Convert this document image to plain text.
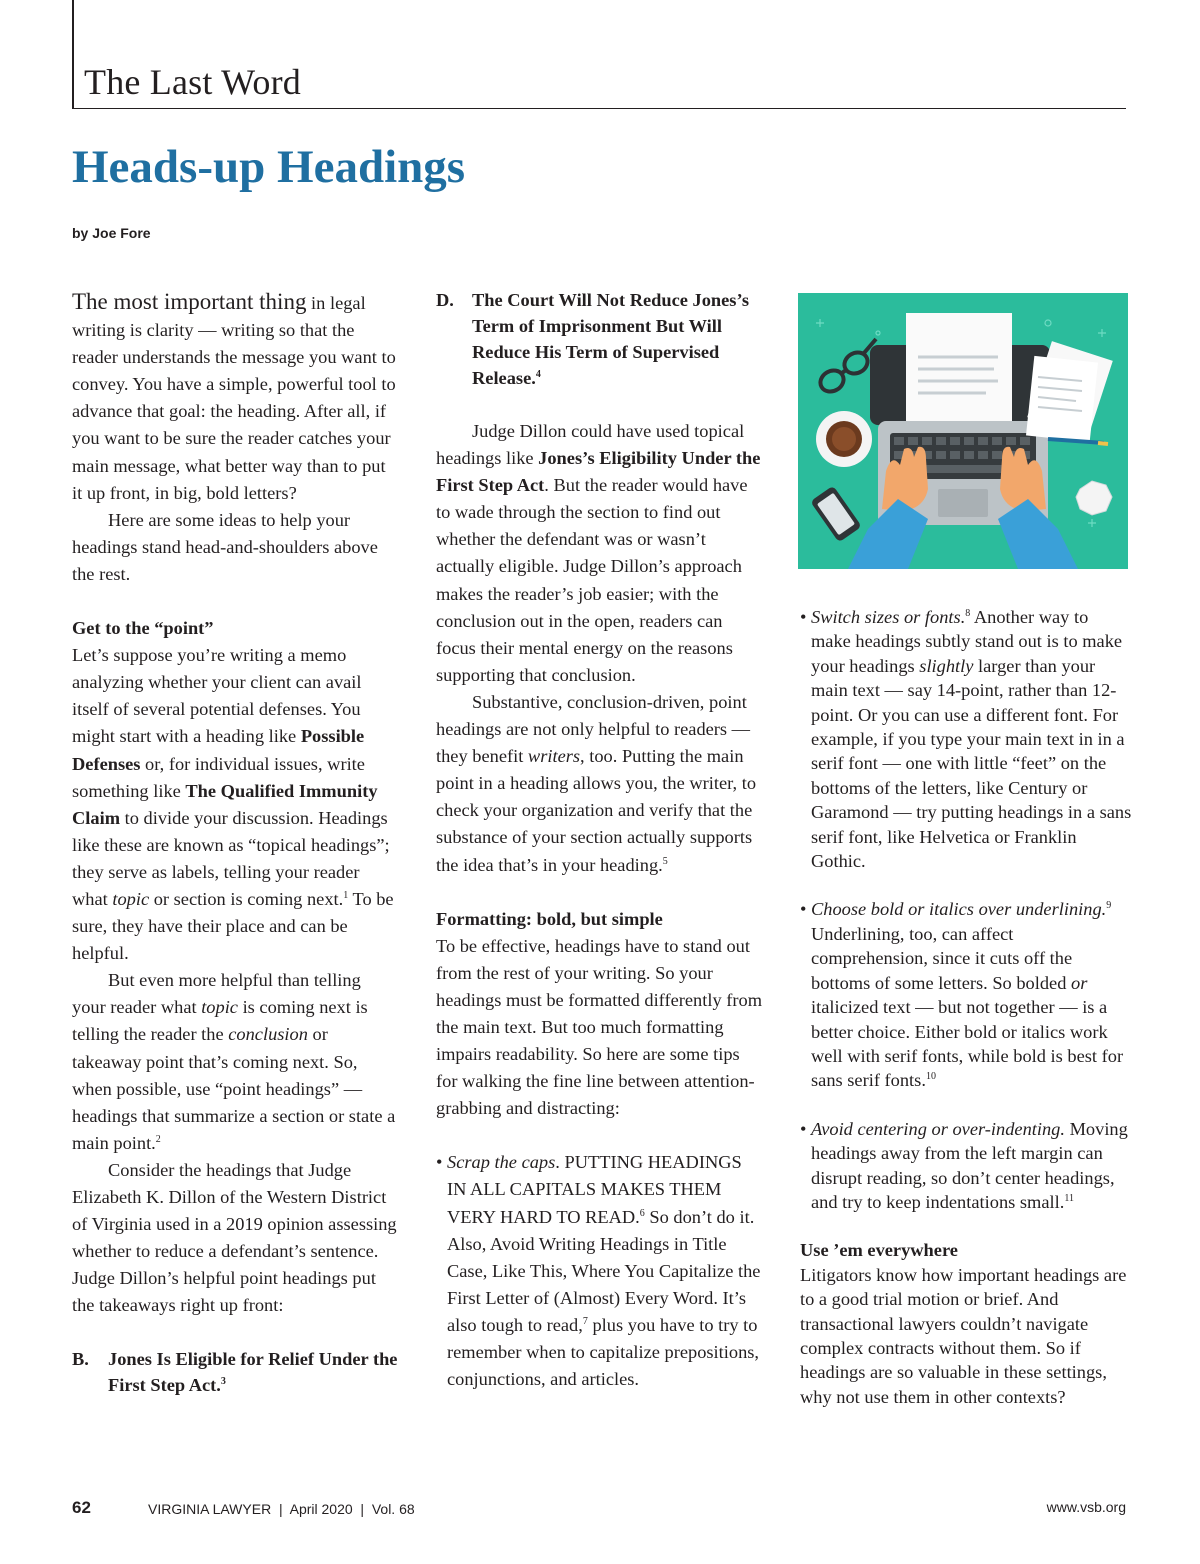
The Last Word
Heads-up Headings
by Joe Fore

The most important thing in legal writing is clarity — writing so that the reader understands the message you want to convey. You have a simple, powerful tool to advance that goal: the heading. After all, if you want to be sure the reader catches your main message, what better way than to put it up front, in big, bold letters?

Here are some ideas to help your headings stand head-and-shoulders above the rest.

Get to the “point”

Let’s suppose you’re writing a memo analyzing whether your client can avail itself of several potential defenses. You might start with a heading like Possible Defenses or, for individual issues, write something like The Qualified Immunity Claim to divide your discussion. Headings like these are known as “topical headings”; they serve as labels, telling your reader what topic or section is coming next.$^1$ To be sure, they have their place and can be helpful.

But even more helpful than telling your reader what topic is coming next is telling the reader the conclusion or takeaway point that’s coming next. So, when possible, use “point headings” — headings that summarize a section or state a main point.$^2$

Consider the headings that Judge Elizabeth K. Dillon of the Western District of Virginia used in a 2019 opinion assessing whether to reduce a defendant’s sentence. Judge Dillon’s helpful point headings put the takeaways right up front:

B.	Jones Is Eligible for Relief Under the First Step Act.$^3$
D. The Court Will Not Reduce Jones’s Term of Imprisonment But Will Reduce His Term of Supervised Release.$^4$

Judge Dillon could have used topical headings like Jones’s Eligibility Under the First Step Act. But the reader would have to wade through the section to find out whether the defendant was or wasn’t actually eligible. Judge Dillon’s approach makes the reader’s job easier; with the conclusion out in the open, readers can focus their mental energy on the reasons supporting that conclusion.

Substantive, conclusion-driven, point headings are not only helpful to readers — they benefit writers, too. Putting the main point in a heading allows you, the writer, to check your organization and verify that the substance of your section actually supports the idea that’s in your heading.$^5$

Formatting: bold, but simple

To be effective, headings have to stand out from the rest of your writing. So your headings must be formatted differently from the main text. But too much formatting impairs readability. So here are some tips for walking the fine line between attention-grabbing and distracting:

• Scrap the caps. PUTTING HEADINGS IN ALL CAPITALS MAKES THEM VERY HARD TO READ.$^6$ So don’t do it. Also, Avoid Writing Headings in Title Case, Like This, Where You Capitalize the First Letter of (Almost) Every Word. It’s also tough to read,$^7$ plus you have to try to remember when to capitalize prepositions, conjunctions, and articles.
• Switch sizes or fonts.$^8$ Another way to make headings subtly stand out is to make your headings slightly larger than your main text — say 14-point, rather than 12-point. Or you can use a different font. For example, if you type your main text in in a serif font — one with little “feet” on the bottoms of the letters, like Century or Garamond — try putting headings in a sans serif font, like Helvetica or Franklin Gothic.
• Choose bold or italics over underlining.$^9$ Underlining, too, can affect comprehension, since it cuts off the bottoms of some letters. So bolded or italicized text — but not together — is a better choice. Either bold or italics work well with serif fonts, while bold is best for sans serif fonts.$^{10}$
• Avoid centering or over-indenting. Moving headings away from the left margin can disrupt reading, so don’t center headings, and try to keep indentations small.$^{11}$

Use ’em everywhere

Litigators know how important headings are to a good trial motion or brief. And transactional lawyers couldn’t navigate complex contracts without them. So if headings are so valuable in these settings, why not use them in other contexts?

62	VIRGINIA LAWYER  |  April 2020  |  Vol. 68	www.vsb.org
